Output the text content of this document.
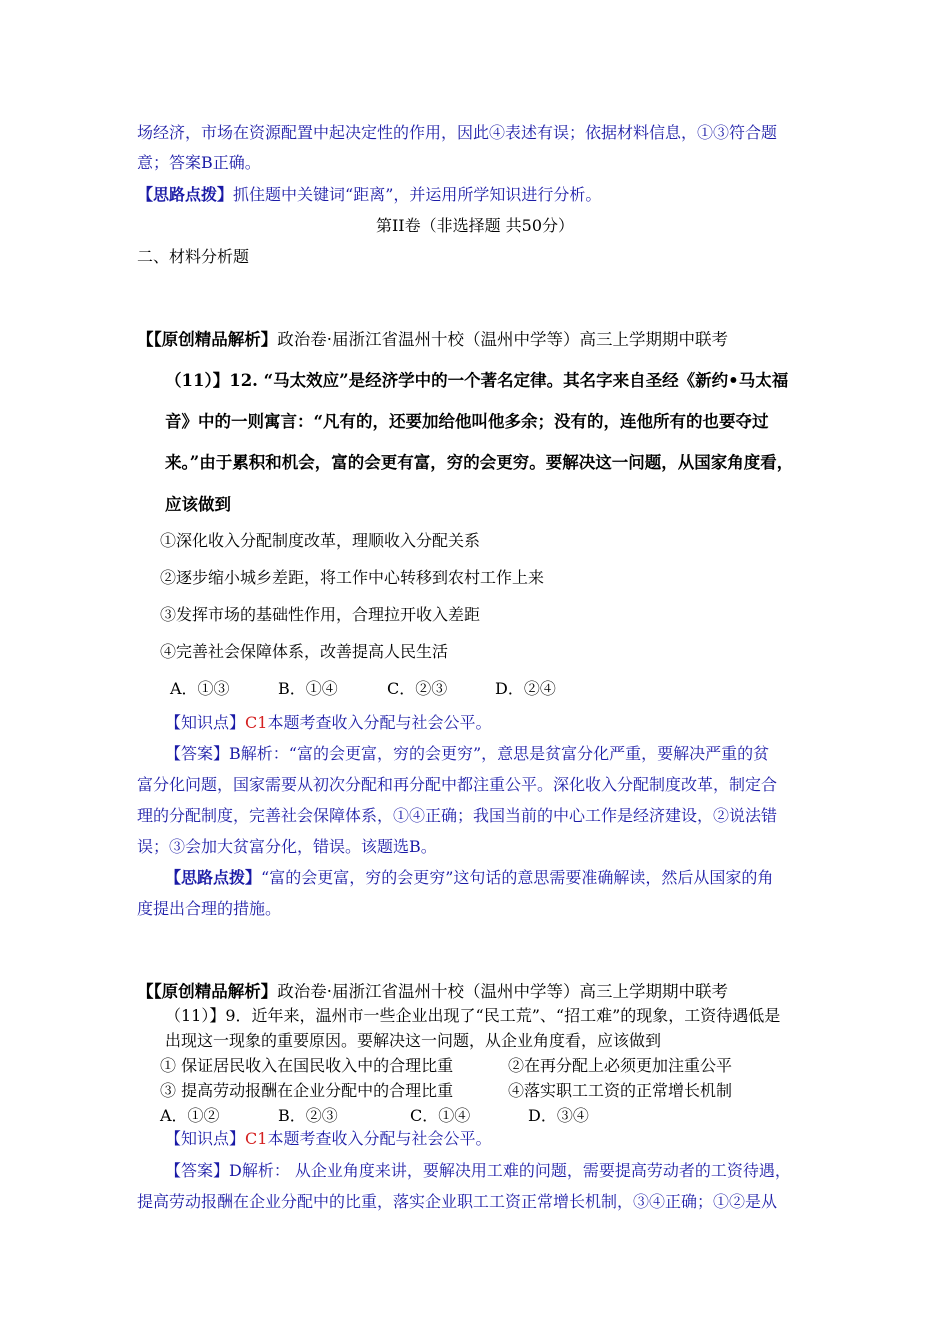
场经济，市场在资源配置中起决定性的作用，因此④表述有误；依据材料信息，①③符合题
意；答案B正确。
【思路点拨】抓住题中关键词“距离”，并运用所学知识进行分析。
第II卷（非选择题 共50分）
二、材料分析题
【【原创精品解析】政治卷·届浙江省温州十校（温州中学等）高三上学期期中联考
（11）】12. “马太效应”是经济学中的一个著名定律。其名字来自圣经《新约•马太福
音》中的一则寓言：“凡有的，还要加给他叫他多余；没有的，连他所有的也要夺过
来。”由于累积和机会，富的会更有富，穷的会更穷。要解决这一问题，从国家角度看，
应该做到
①深化收入分配制度改革，理顺收入分配关系
②逐步缩小城乡差距，将工作中心转移到农村工作上来
③发挥市场的基础性作用，合理拉开收入差距
④完善社会保障体系，改善提高人民生活
A．①③	B．①④	C．②③	D．②④
【知识点】C1本题考查收入分配与社会公平。
【答案】B解析：“富的会更富，穷的会更穷”，意思是贫富分化严重，要解决严重的贫
富分化问题，国家需要从初次分配和再分配中都注重公平。深化收入分配制度改革，制定合
理的分配制度，完善社会保障体系，①④正确；我国当前的中心工作是经济建设，②说法错
误；③会加大贫富分化，错误。该题选B。
【思路点拨】“富的会更富，穷的会更穷”这句话的意思需要准确解读，然后从国家的角
度提出合理的措施。
【【原创精品解析】政治卷·届浙江省温州十校（温州中学等）高三上学期期中联考
（11）】9．近年来，温州市一些企业出现了“民工荒”、“招工难”的现象，工资待遇低是
出现这一现象的重要原因。要解决这一问题，从企业角度看，应该做到
① 保证居民收入在国民收入中的合理比重	②在再分配上必须更加注重公平
③ 提高劳动报酬在企业分配中的合理比重	④落实职工工资的正常增长机制
A．①②	B．②③	C．①④	D．③④
【知识点】C1本题考查收入分配与社会公平。
【答案】D解析： 从企业角度来讲，要解决用工难的问题，需要提高劳动者的工资待遇，
提高劳动报酬在企业分配中的比重，落实企业职工工资正常增长机制，③④正确；①②是从
